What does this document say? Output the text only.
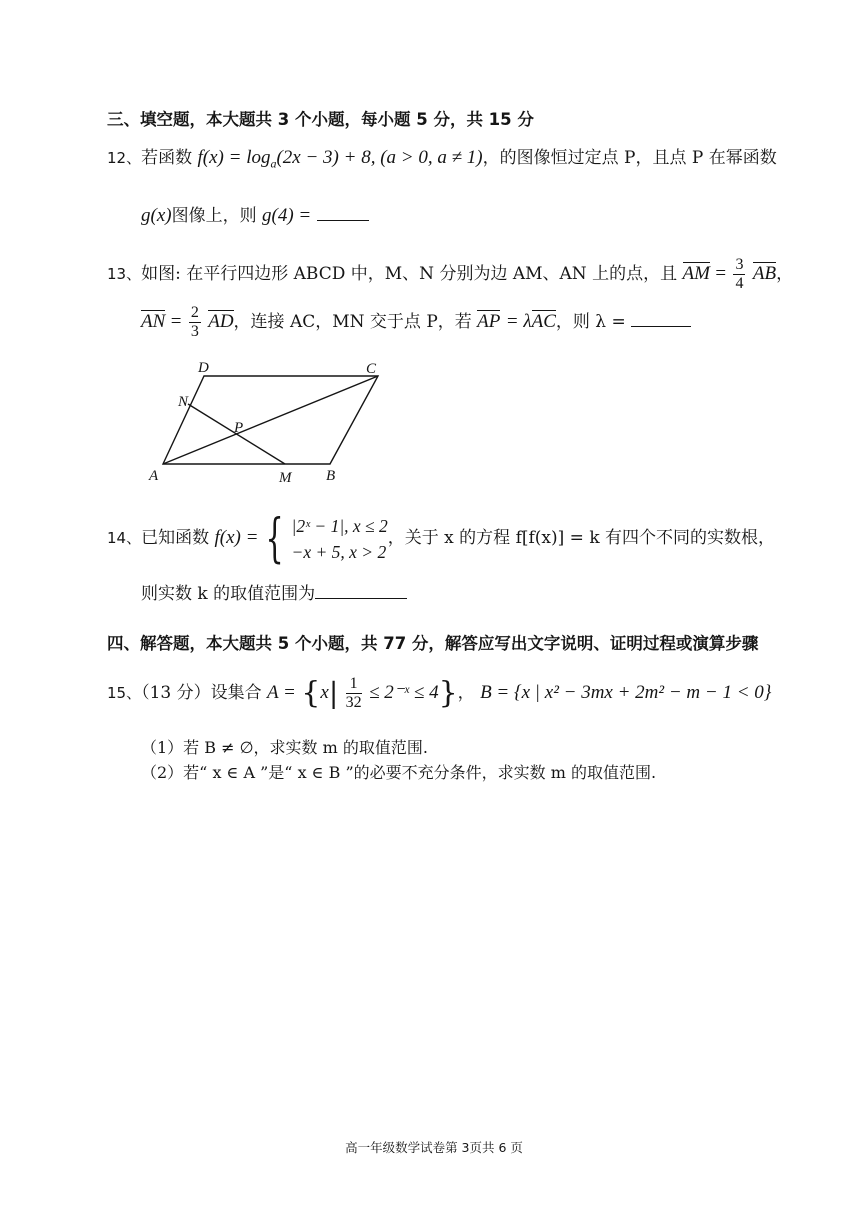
三、填空题，本大题共 3 个小题，每小题 5 分，共 15 分
12、若函数 $f(x) = \log_a(2x - 3) + 8$, (a > 0, a ≠ 1)，的图像恒过定点 P，且点 P 在幂函数
g(x)图像上，则 g(4) =
13、如图: 在平行四边形 ABCD 中，M、N 分别为边 AM、AN 上的点，且 AM = $\frac{3}{4}$ AB，
AN = $\frac{2}{3}$ AD，连接 AC，MN 交于点 P，若 AP = λAC，则 λ =
A	B
C
D
M
N
P
14、已知函数 f(x) = { |2ˣ − 1|, x ≤ 2
−x + 5, x > 2
，关于 x 的方程 f[f(x)] = k 有四个不同的实数根，
则实数 k 的取值范围为
四、解答题，本大题共 5 个小题，共 77 分，解答应写出文字说明、证明过程或演算步骤
15、（13 分）设集合 $A = \{x| \frac{1}{32}$ ≤ 2⁻ˣ ≤ 4}， B = {x | x² − 3mx + 2m² − m − 1 < 0}
（1）若 B ≠ ∅，求实数 m 的取值范围.
（2）若“ x ∈ A ”是“ x ∈ B ”的必要不充分条件，求实数 m 的取值范围.
高一年级数学试卷第 3页共 6 页
